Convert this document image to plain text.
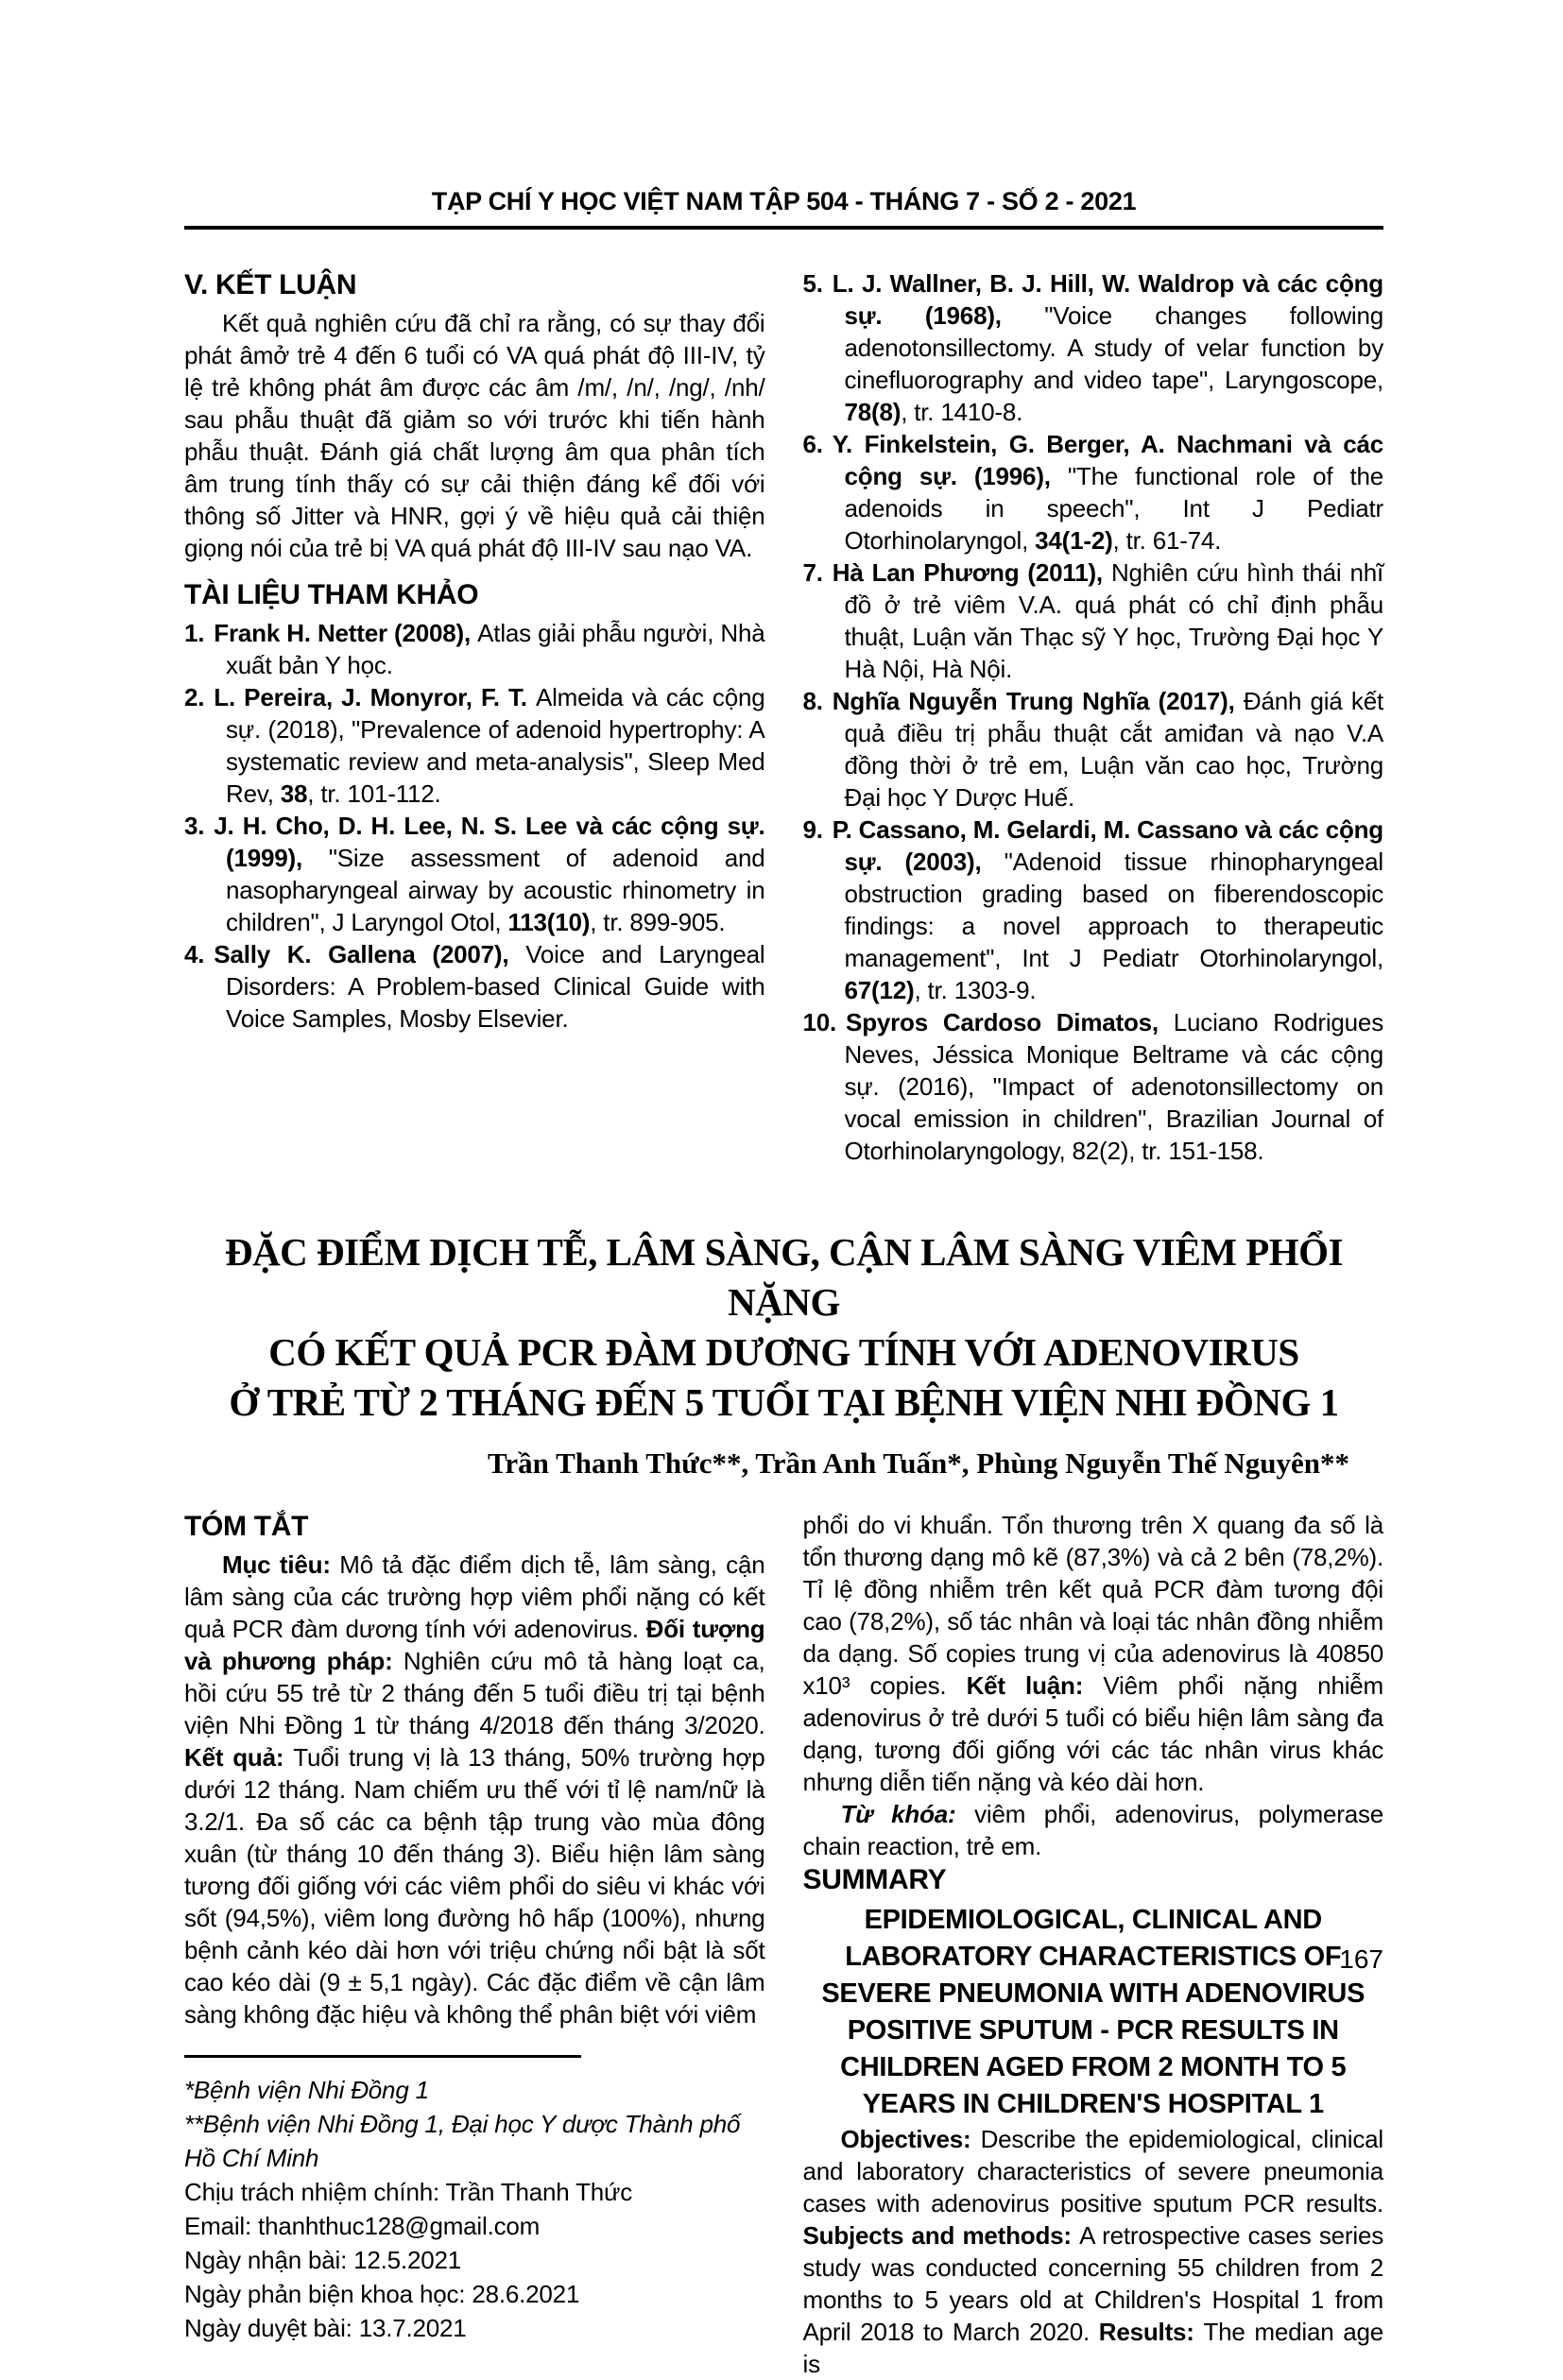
TẠP CHÍ Y HỌC VIỆT NAM TẬP 504 - THÁNG 7 - SỐ 2 - 2021
V. KẾT LUẬN
Kết quả nghiên cứu đã chỉ ra rằng, có sự thay đổi phát âmở trẻ 4 đến 6 tuổi có VA quá phát độ III-IV, tỷ lệ trẻ không phát âm được các âm /m/, /n/, /ng/, /nh/ sau phẫu thuật đã giảm so với trước khi tiến hành phẫu thuật. Đánh giá chất lượng âm qua phân tích âm trung tính thấy có sự cải thiện đáng kể đối với thông số Jitter và HNR, gợi ý về hiệu quả cải thiện giọng nói của trẻ bị VA quá phát độ III-IV sau nạo VA.
TÀI LIỆU THAM KHẢO
1. Frank H. Netter (2008), Atlas giải phẫu người, Nhà xuất bản Y học.
2. L. Pereira, J. Monyror, F. T. Almeida và các cộng sự. (2018), "Prevalence of adenoid hypertrophy: A systematic review and meta-analysis", Sleep Med Rev, 38, tr. 101-112.
3. J. H. Cho, D. H. Lee, N. S. Lee và các cộng sự. (1999), "Size assessment of adenoid and nasopharyngeal airway by acoustic rhinometry in children", J Laryngol Otol, 113(10), tr. 899-905.
4. Sally K. Gallena (2007), Voice and Laryngeal Disorders: A Problem-based Clinical Guide with Voice Samples, Mosby Elsevier.
5. L. J. Wallner, B. J. Hill, W. Waldrop và các cộng sự. (1968), "Voice changes following adenotonsillectomy. A study of velar function by cinefluorography and video tape", Laryngoscope, 78(8), tr. 1410-8.
6. Y. Finkelstein, G. Berger, A. Nachmani và các cộng sự. (1996), "The functional role of the adenoids in speech", Int J Pediatr Otorhinolaryngol, 34(1-2), tr. 61-74.
7. Hà Lan Phương (2011), Nghiên cứu hình thái nhĩ đồ ở trẻ viêm V.A. quá phát có chỉ định phẫu thuật, Luận văn Thạc sỹ Y học, Trường Đại học Y Hà Nội, Hà Nội.
8. Nghĩa Nguyễn Trung Nghĩa (2017), Đánh giá kết quả điều trị phẫu thuật cắt amiđan và nạo V.A đồng thời ở trẻ em, Luận văn cao học, Trường Đại học Y Dược Huế.
9. P. Cassano, M. Gelardi, M. Cassano và các cộng sự. (2003), "Adenoid tissue rhinopharyngeal obstruction grading based on fiberendoscopic findings: a novel approach to therapeutic management", Int J Pediatr Otorhinolaryngol, 67(12), tr. 1303-9.
10. Spyros Cardoso Dimatos, Luciano Rodrigues Neves, Jéssica Monique Beltrame và các cộng sự. (2016), "Impact of adenotonsillectomy on vocal emission in children", Brazilian Journal of Otorhinolaryngology, 82(2), tr. 151-158.
ĐẶC ĐIỂM DỊCH TỄ, LÂM SÀNG, CẬN LÂM SÀNG VIÊM PHỔI NẶNG
CÓ KẾT QUẢ PCR ĐÀM DƯƠNG TÍNH VỚI ADENOVIRUS
Ở TRẺ TỪ 2 THÁNG ĐẾN 5 TUỔI TẠI BỆNH VIỆN NHI ĐỒNG 1
Trần Thanh Thức**, Trần Anh Tuấn*, Phùng Nguyễn Thế Nguyên**
TÓM TẮT
Mục tiêu: Mô tả đặc điểm dịch tễ, lâm sàng, cận lâm sàng của các trường hợp viêm phổi nặng có kết quả PCR đàm dương tính với adenovirus. Đối tượng và phương pháp: Nghiên cứu mô tả hàng loạt ca, hồi cứu 55 trẻ từ 2 tháng đến 5 tuổi điều trị tại bệnh viện Nhi Đồng 1 từ tháng 4/2018 đến tháng 3/2020. Kết quả: Tuổi trung vị là 13 tháng, 50% trường hợp dưới 12 tháng. Nam chiếm ưu thế với tỉ lệ nam/nữ là 3.2/1. Đa số các ca bệnh tập trung vào mùa đông xuân (từ tháng 10 đến tháng 3). Biểu hiện lâm sàng tương đối giống với các viêm phổi do siêu vi khác với sốt (94,5%), viêm long đường hô hấp (100%), nhưng bệnh cảnh kéo dài hơn với triệu chứng nổi bật là sốt cao kéo dài (9 ± 5,1 ngày). Các đặc điểm về cận lâm sàng không đặc hiệu và không thể phân biệt với viêm
*Bệnh viện Nhi Đồng 1
**Bệnh viện Nhi Đồng 1, Đại học Y dược Thành phố Hồ Chí Minh
Chịu trách nhiệm chính: Trần Thanh Thức
Email: thanhthuc128@gmail.com
Ngày nhận bài: 12.5.2021
Ngày phản biện khoa học: 28.6.2021
Ngày duyệt bài: 13.7.2021
phổi do vi khuẩn. Tổn thương trên X quang đa số là tổn thương dạng mô kẽ (87,3%) và cả 2 bên (78,2%). Tỉ lệ đồng nhiễm trên kết quả PCR đàm tương đội cao (78,2%), số tác nhân và loại tác nhân đồng nhiễm da dạng. Số copies trung vị của adenovirus là 40850 x10³ copies. Kết luận: Viêm phổi nặng nhiễm adenovirus ở trẻ dưới 5 tuổi có biểu hiện lâm sàng đa dạng, tương đối giống với các tác nhân virus khác nhưng diễn tiến nặng và kéo dài hơn.
Từ khóa: viêm phổi, adenovirus, polymerase chain reaction, trẻ em.
SUMMARY
EPIDEMIOLOGICAL, CLINICAL AND
LABORATORY CHARACTERISTICS OF
SEVERE PNEUMONIA WITH ADENOVIRUS
POSITIVE SPUTUM - PCR RESULTS IN
CHILDREN AGED FROM 2 MONTH TO 5
YEARS IN CHILDREN'S HOSPITAL 1
Objectives: Describe the epidemiological, clinical and laboratory characteristics of severe pneumonia cases with adenovirus positive sputum PCR results. Subjects and methods: A retrospective cases series study was conducted concerning 55 children from 2 months to 5 years old at Children's Hospital 1 from April 2018 to March 2020. Results: The median age is
167
